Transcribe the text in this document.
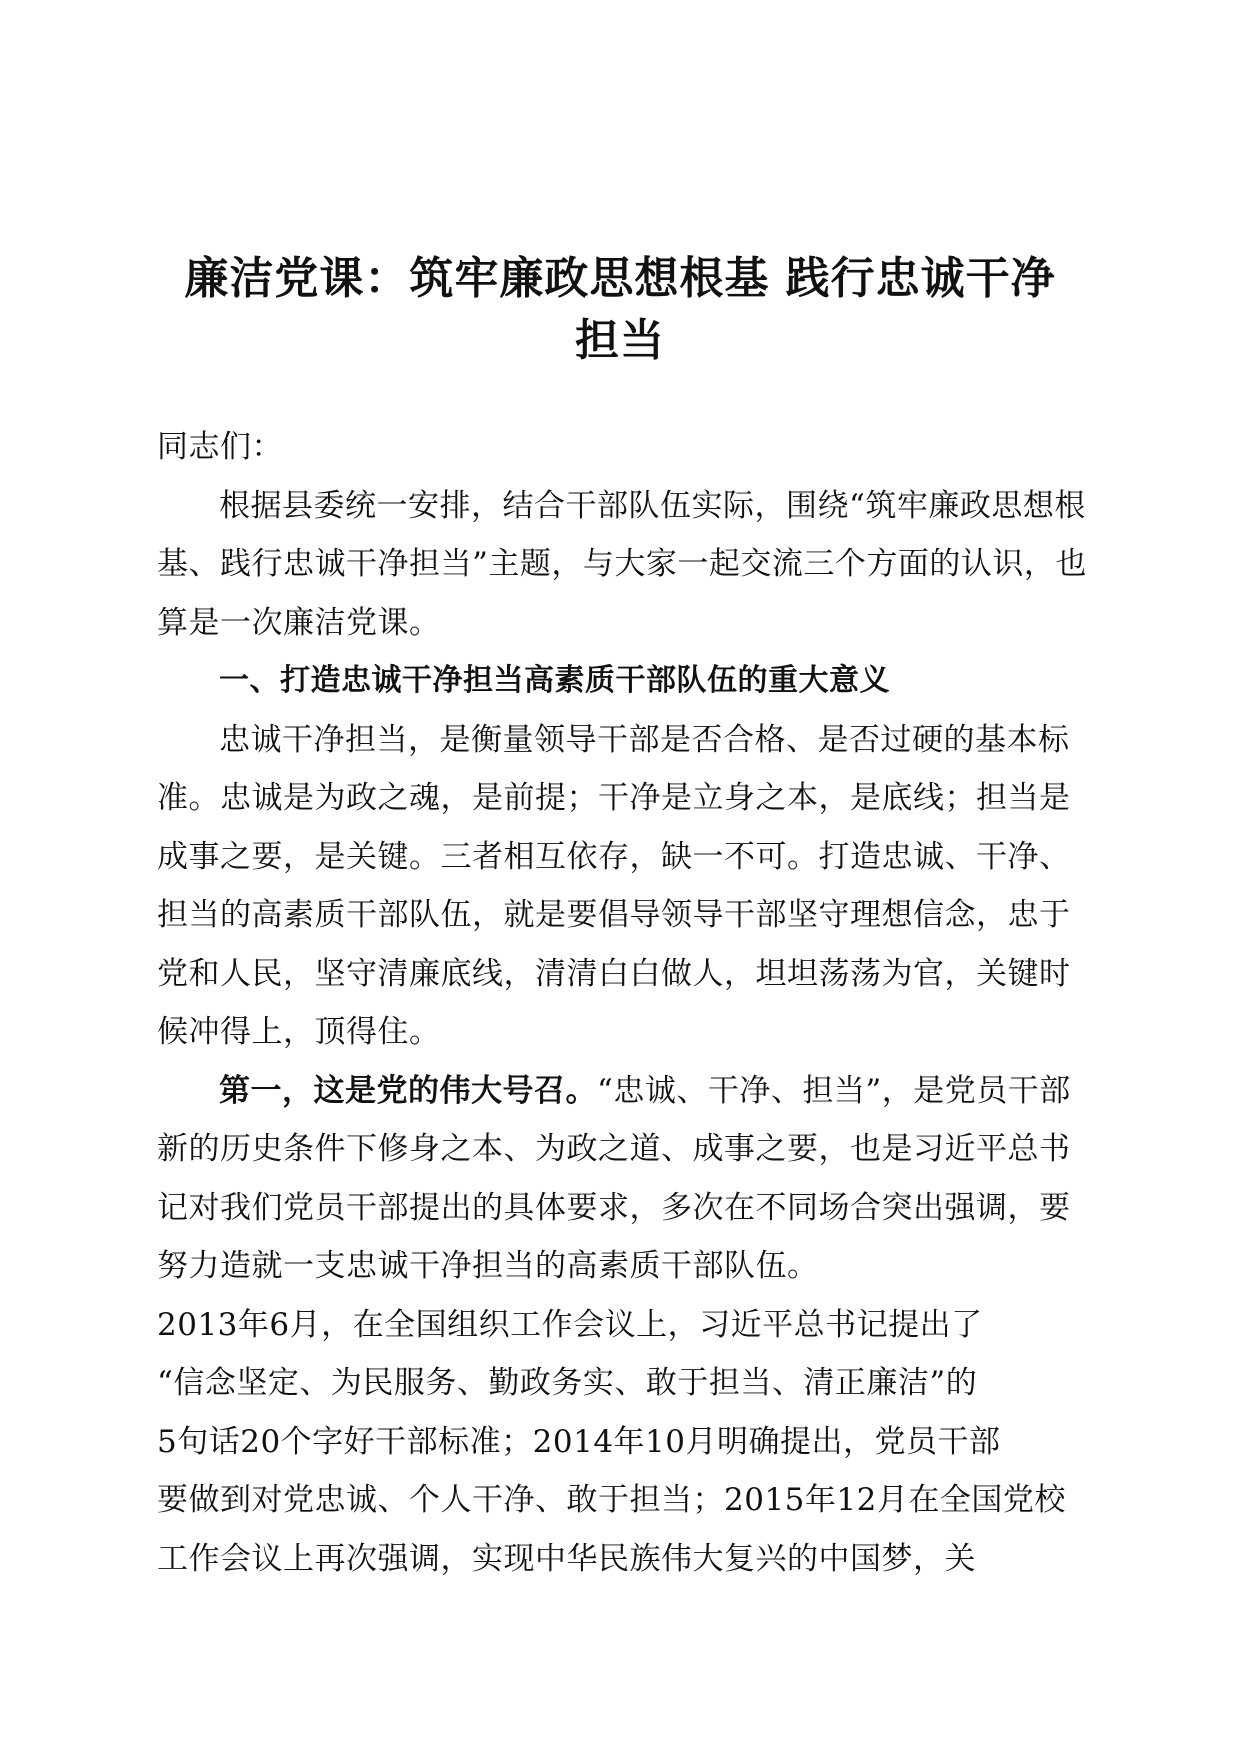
廉洁党课：筑牢廉政思想根基 践行忠诚干净
担当

同志们：

根据县委统一安排，结合干部队伍实际，围绕“筑牢廉政思想根基、践行忠诚干净担当”主题，与大家一起交流三个方面的认识，也算是一次廉洁党课。

一、打造忠诚干净担当高素质干部队伍的重大意义

忠诚干净担当，是衡量领导干部是否合格、是否过硬的基本标准。忠诚是为政之魂，是前提；干净是立身之本，是底线；担当是成事之要，是关键。三者相互依存，缺一不可。打造忠诚、干净、担当的高素质干部队伍，就是要倡导领导干部坚守理想信念，忠于党和人民，坚守清廉底线，清清白白做人，坦坦荡荡为官，关键时候冲得上，顶得住。

第一，这是党的伟大号召。“忠诚、干净、担当”，是党员干部新的历史条件下修身之本、为政之道、成事之要，也是习近平总书记对我们党员干部提出的具体要求，多次在不同场合突出强调，要努力造就一支忠诚干净担当的高素质干部队伍。

2013年6月，在全国组织工作会议上，习近平总书记提出了

“信念坚定、为民服务、勤政务实、敢于担当、清正廉洁”的

5句话20个字好干部标准；2014年10月明确提出，党员干部

要做到对党忠诚、个人干净、敢于担当；2015年12月在全国党校工作会议上再次强调，实现中华民族伟大复兴的中国梦，关
